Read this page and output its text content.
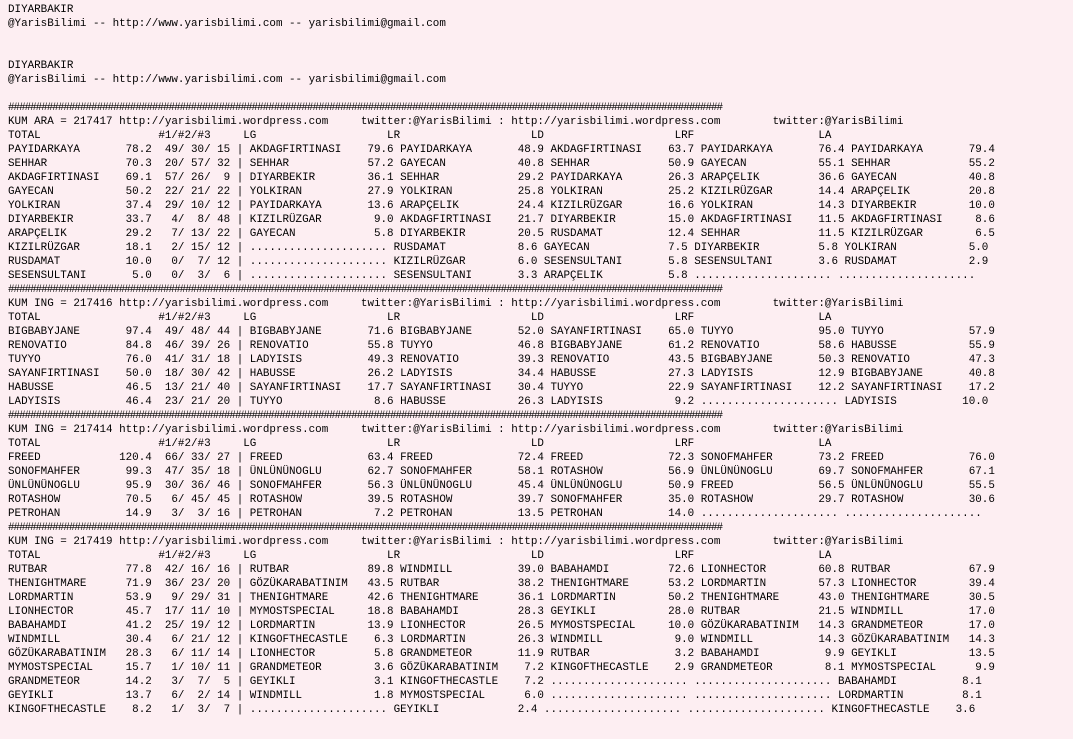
DIYARBAKIR
@YarisBilimi -- http://www.yarisbilimi.com -- yarisbilimi@gmail.com

DIYARBAKIR
@YarisBilimi -- http://www.yarisbilimi.com -- yarisbilimi@gmail.com

#################################################################################################################################
KUM ARA = 217417 http://yarisbilimi.wordpress.com     twitter:@YarisBilimi : http://yarisbilimi.wordpress.com        twitter:@YarisBilimi
TOTAL                  #1/#2/#3     LG                    LR                    LD                    LRF                   LA
PAYIDARKAYA       78.2  49/ 30/ 15 | AKDAGFIRTINASI    79.6 PAYIDARKAYA       48.9 AKDAGFIRTINASI    63.7 PAYIDARKAYA       76.4 PAYIDARKAYA       79.4
SEHHAR            70.3  20/ 57/ 32 | SEHHAR            57.2 GAYECAN           40.8 SEHHAR            50.9 GAYECAN           55.1 SEHHAR            55.2
AKDAGFIRTINASI    69.1  57/ 26/  9 | DIYARBEKIR        36.1 SEHHAR            29.2 PAYIDARKAYA       26.3 ARAPÇELIK         36.6 GAYECAN           40.8
GAYECAN           50.2  22/ 21/ 22 | YOLKIRAN          27.9 YOLKIRAN          25.8 YOLKIRAN          25.2 KIZILRÜZGAR       14.4 ARAPÇELIK         20.8
YOLKIRAN          37.4  29/ 10/ 12 | PAYIDARKAYA       13.6 ARAPÇELIK         24.4 KIZILRÜZGAR       16.6 YOLKIRAN          14.3 DIYARBEKIR        10.0
DIYARBEKIR        33.7   4/  8/ 48 | KIZILRÜZGAR        9.0 AKDAGFIRTINASI    21.7 DIYARBEKIR        15.0 AKDAGFIRTINASI    11.5 AKDAGFIRTINASI     8.6
ARAPÇELIK         29.2   7/ 13/ 22 | GAYECAN            5.8 DIYARBEKIR        20.5 RUSDAMAT          12.4 SEHHAR            11.5 KIZILRÜZGAR        6.5
KIZILRÜZGAR       18.1   2/ 15/ 12 | ..................... RUSDAMAT           8.6 GAYECAN            7.5 DIYARBEKIR         5.8 YOLKIRAN           5.0
RUSDAMAT          10.0   0/  7/ 12 | ..................... KIZILRÜZGAR        6.0 SESENSULTANI       5.8 SESENSULTANI       3.6 RUSDAMAT           2.9
SESENSULTANI       5.0   0/  3/  6 | ..................... SESENSULTANI       3.3 ARAPÇELIK          5.8 ..................... .....................
#################################################################################################################################
KUM ING = 217416 http://yarisbilimi.wordpress.com     twitter:@YarisBilimi : http://yarisbilimi.wordpress.com        twitter:@YarisBilimi
TOTAL                  #1/#2/#3     LG                    LR                    LD                    LRF                   LA
BIGBABYJANE       97.4  49/ 48/ 44 | BIGBABYJANE       71.6 BIGBABYJANE       52.0 SAYANFIRTINASI    65.0 TUYYO             95.0 TUYYO             57.9
RENOVATIO         84.8  46/ 39/ 26 | RENOVATIO         55.8 TUYYO             46.8 BIGBABYJANE       61.2 RENOVATIO         58.6 HABUSSE           55.9
TUYYO             76.0  41/ 31/ 18 | LADYISIS          49.3 RENOVATIO         39.3 RENOVATIO         43.5 BIGBABYJANE       50.3 RENOVATIO         47.3
SAYANFIRTINASI    50.0  18/ 30/ 42 | HABUSSE           26.2 LADYISIS          34.4 HABUSSE           27.3 LADYISIS          12.9 BIGBABYJANE       40.8
HABUSSE           46.5  13/ 21/ 40 | SAYANFIRTINASI    17.7 SAYANFIRTINASI    30.4 TUYYO             22.9 SAYANFIRTINASI    12.2 SAYANFIRTINASI    17.2
LADYISIS          46.4  23/ 21/ 20 | TUYYO              8.6 HABUSSE           26.3 LADYISIS           9.2 ..................... LADYISIS          10.0
#################################################################################################################################
KUM ING = 217414 http://yarisbilimi.wordpress.com     twitter:@YarisBilimi : http://yarisbilimi.wordpress.com        twitter:@YarisBilimi
TOTAL                  #1/#2/#3     LG                    LR                    LD                    LRF                   LA
FREED            120.4  66/ 33/ 27 | FREED             63.4 FREED             72.4 FREED             72.3 SONOFMAHFER       73.2 FREED             76.0
SONOFMAHFER       99.3  47/ 35/ 18 | ÜNLÜNÜNOGLU       62.7 SONOFMAHFER       58.1 ROTASHOW          56.9 ÜNLÜNÜNOGLU       69.7 SONOFMAHFER       67.1
ÜNLÜNÜNOGLU       95.9  30/ 36/ 46 | SONOFMAHFER       56.3 ÜNLÜNÜNOGLU       45.4 ÜNLÜNÜNOGLU       50.9 FREED             56.5 ÜNLÜNÜNOGLU       55.5
ROTASHOW          70.5   6/ 45/ 45 | ROTASHOW          39.5 ROTASHOW          39.7 SONOFMAHFER       35.0 ROTASHOW          29.7 ROTASHOW          30.6
PETROHAN          14.9   3/  3/ 16 | PETROHAN           7.2 PETROHAN          13.5 PETROHAN          14.0 ..................... .....................
#################################################################################################################################
KUM ING = 217419 http://yarisbilimi.wordpress.com     twitter:@YarisBilimi : http://yarisbilimi.wordpress.com        twitter:@YarisBilimi
TOTAL                  #1/#2/#3     LG                    LR                    LD                    LRF                   LA
RUTBAR            77.8  42/ 16/ 16 | RUTBAR            89.8 WINDMILL          39.0 BABAHAMDI         72.6 LIONHECTOR        60.8 RUTBAR            67.9
THENIGHTMARE      71.9  36/ 23/ 20 | GÖZÜKARABATINIM   43.5 RUTBAR            38.2 THENIGHTMARE      53.2 LORDMARTIN        57.3 LIONHECTOR        39.4
LORDMARTIN        53.9   9/ 29/ 31 | THENIGHTMARE      42.6 THENIGHTMARE      36.1 LORDMARTIN        50.2 THENIGHTMARE      43.0 THENIGHTMARE      30.5
LIONHECTOR        45.7  17/ 11/ 10 | MYMOSTSPECIAL     18.8 BABAHAMDI         28.3 GEYIKLI           28.0 RUTBAR            21.5 WINDMILL          17.0
BABAHAMDI         41.2  25/ 19/ 12 | LORDMARTIN        13.9 LIONHECTOR        26.5 MYMOSTSPECIAL     10.0 GÖZÜKARABATINIM   14.3 GRANDMETEOR       17.0
WINDMILL          30.4   6/ 21/ 12 | KINGOFTHECASTLE    6.3 LORDMARTIN        26.3 WINDMILL           9.0 WINDMILL          14.3 GÖZÜKARABATINIM   14.3
GÖZÜKARABATINIM   28.3   6/ 11/ 14 | LIONHECTOR         5.8 GRANDMETEOR       11.9 RUTBAR             3.2 BABAHAMDI          9.9 GEYIKLI           13.5
MYMOSTSPECIAL     15.7   1/ 10/ 11 | GRANDMETEOR        3.6 GÖZÜKARABATINIM    7.2 KINGOFTHECASTLE    2.9 GRANDMETEOR        8.1 MYMOSTSPECIAL      9.9
GRANDMETEOR       14.2   3/  7/  5 | GEYIKLI            3.1 KINGOFTHECASTLE    7.2 ..................... ..................... BABAHAMDI          8.1
GEYIKLI           13.7   6/  2/ 14 | WINDMILL           1.8 MYMOSTSPECIAL      6.0 ..................... ..................... LORDMARTIN         8.1
KINGOFTHECASTLE    8.2   1/  3/  7 | ..................... GEYIKLI            2.4 ..................... ..................... KINGOFTHECASTLE    3.6
